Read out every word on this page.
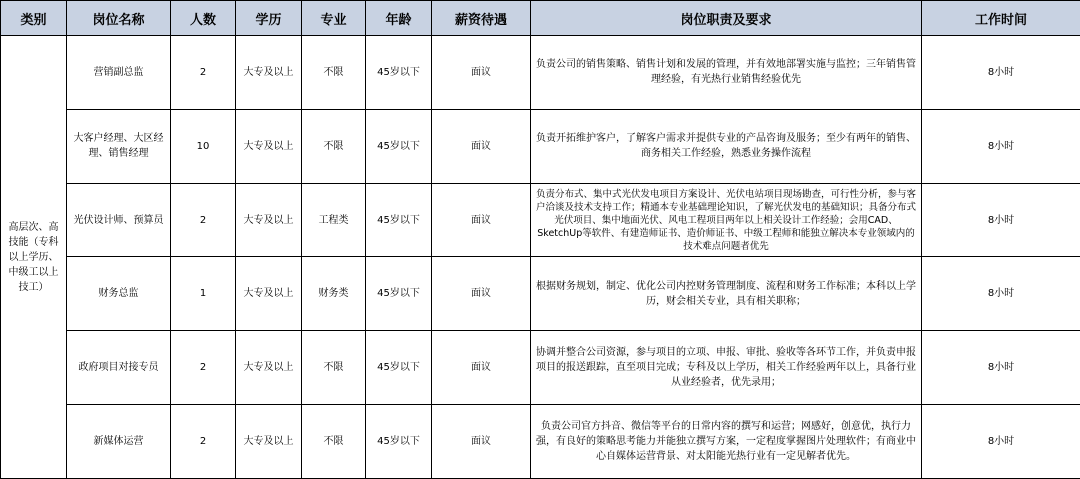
类别	岗位名称	人数	学历	专业	年龄	薪资待遇	岗位职责及要求	工作时间
高层次、高技能（专科以上学历、中级工以上技工）	营销副总监	2	大专及以上	不限	45岁以下	面议	负责公司的销售策略、销售计划和发展的管理，并有效地部署实施与监控；三年销售管理经验，有光热行业销售经验优先	8小时
	大客户经理、大区经理、销售经理	10	大专及以上	不限	45岁以下	面议	负责开拓维护客户，了解客户需求并提供专业的产品咨询及服务；至少有两年的销售、商务相关工作经验，熟悉业务操作流程	8小时
	光伏设计师、预算员	2	大专及以上	工程类	45岁以下	面议	负责分布式、集中式光伏发电项目方案设计、光伏电站项目现场勘查，可行性分析，参与客户洽谈及技术支持工作；精通本专业基础理论知识，了解光伏发电的基础知识；具备分布式光伏项目、集中地面光伏、风电工程项目两年以上相关设计工作经验；会用CAD、SketchUp等软件、有建造师证书、造价师证书、中级工程师和能独立解决本专业领域内的技术难点问题者优先	8小时
	财务总监	1	大专及以上	财务类	45岁以下	面议	根据财务规划，制定、优化公司内控财务管理制度、流程和财务工作标准；本科以上学历，财会相关专业，具有相关职称；	8小时
	政府项目对接专员	2	大专及以上	不限	45岁以下	面议	协调并整合公司资源，参与项目的立项、申报、审批、验收等各环节工作，并负责申报项目的报送跟踪，直至项目完成；专科及以上学历，相关工作经验两年以上，具备行业从业经验者，优先录用；	8小时
	新媒体运营	2	大专及以上	不限	45岁以下	面议	负责公司官方抖音、微信等平台的日常内容的撰写和运营；网感好，创意优，执行力强，有良好的策略思考能力并能独立撰写方案，一定程度掌握图片处理软件；有商业中心自媒体运营背景、对太阳能光热行业有一定见解者优先。	8小时
